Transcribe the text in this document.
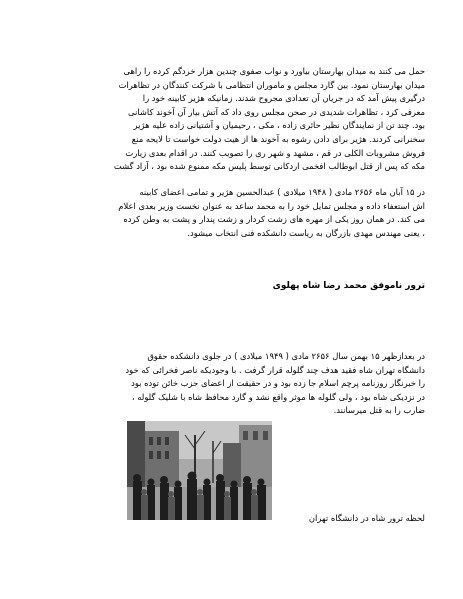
حمل می کنند به میدان بهارستان بیاورد و نواب صفوی چندین هزار خردگم کرده را راهی
میدان بهارستان نمود. بین گارد مجلس و ماموران انتظامی با شرکت کنندگان در تظاهرات
درگیری پیش آمد که در جریان آن تعدادی مجروح شدند. زمانیکه هژیر کابینه خود را
معرفی کرد ، تظاهرات شدیدی در صحن مجلس روی داد که آتش بیار آن آخوند کاشانی
بود. چند تن از نمایندگان نظیر حائری زاده ، مکی ، رحیمیان و آشتیانی زاده علیه هژیر
سخنرانی کردند. هژیر برای دادن رشوه به آخوند ها از هیت دولت خواست تا لایحه منع
فروش مشروبات الکلی در قم ، مشهد و شهر ری را تصویب کنند. در اقدام بعدی زیارت
مکه که پس از قتل ابوطالب افخمی اردکانی توسط پلیس مکه ممنوع شده بود ، آزاد گشت
در ۱۵ آبان ماه ۲۶۵۶ مادی ( ۱۹۴۸ میلادی ) عبدالحسین هژیر و تمامی اعضای کابینه
اش استعفاء داده و مجلس تمایل خود را به محمد ساعد به عنوان نخست وزیر بعدی اعلام
می کند. در همان روز یکی از مهره های زشت کردار و زشت پندار و پشت به وطن کرده
، یعنی مهندس مهدی بازرگان به ریاست دانشکده فنی انتخاب میشود.
ترور ناموفق محمد رضا شاه پهلوی
در بعدازظهر ۱۵ بهمن سال ۲۶۵۶ مادی ( ۱۹۴۹ میلادی ) در جلوی دانشکده حقوق
دانشگاه تهران شاه فقید هدف چند گلوله قرار گرفت . با وجودیکه ناصر فخرائی که خود
را خبرنگار روزنامه پرچم اسلام جا زده بود و در حقیقت از اعضای حزب خائن توده بود
در نزدیکی شاه بود ، ولی گلوله ها موثر واقع نشد و گارد محافظ شاه با شلیک گلوله ،
ضارب را به قتل میرسانند.
لحظه ترور شاه در دانشگاه تهران
